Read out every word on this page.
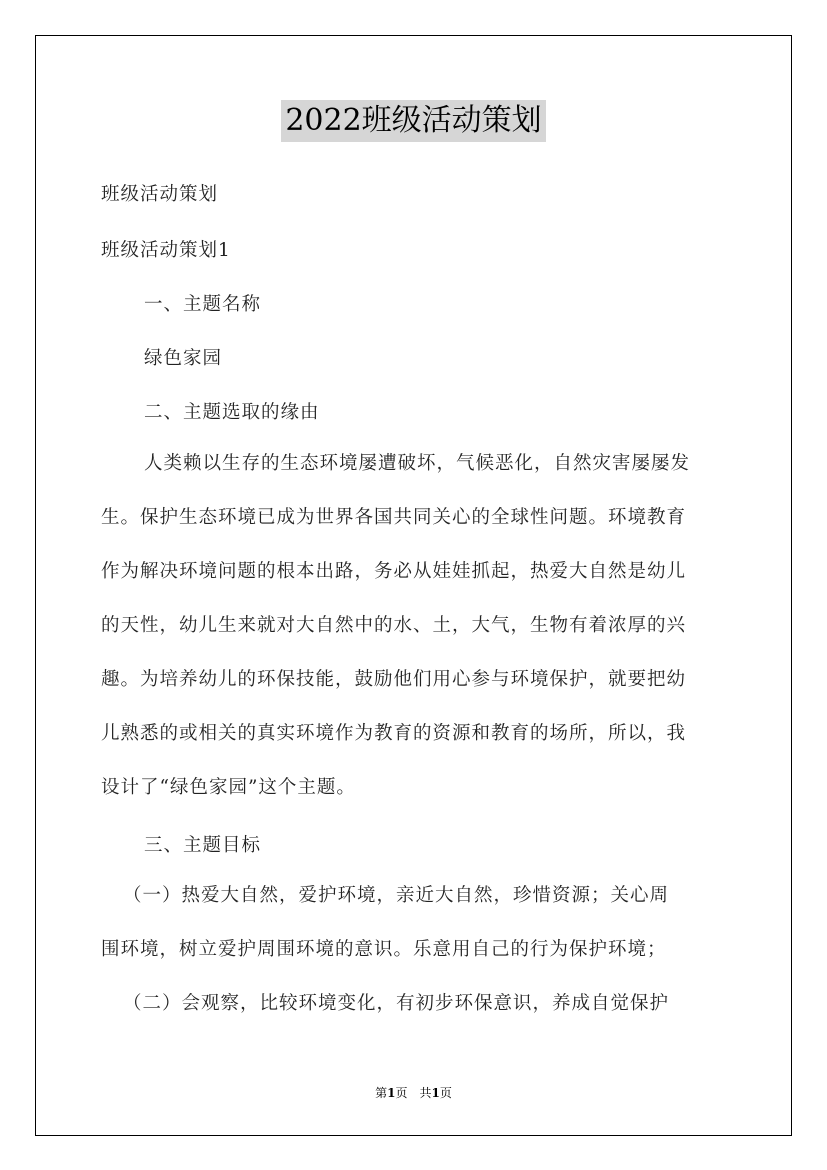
2022班级活动策划
班级活动策划
班级活动策划1
一、主题名称
绿色家园
二、主题选取的缘由
人类赖以生存的生态环境屡遭破坏，气候恶化，自然灾害屡屡发
生。保护生态环境已成为世界各国共同关心的全球性问题。环境教育
作为解决环境问题的根本出路，务必从娃娃抓起，热爱大自然是幼儿
的天性，幼儿生来就对大自然中的水、土，大气，生物有着浓厚的兴
趣。为培养幼儿的环保技能，鼓励他们用心参与环境保护，就要把幼
儿熟悉的或相关的真实环境作为教育的资源和教育的场所，所以，我
设计了“绿色家园”这个主题。
三、主题目标
（一）热爱大自然，爱护环境，亲近大自然，珍惜资源；关心周
围环境，树立爱护周围环境的意识。乐意用自己的行为保护环境；
（二）会观察，比较环境变化，有初步环保意识，养成自觉保护
第1页　共1页
